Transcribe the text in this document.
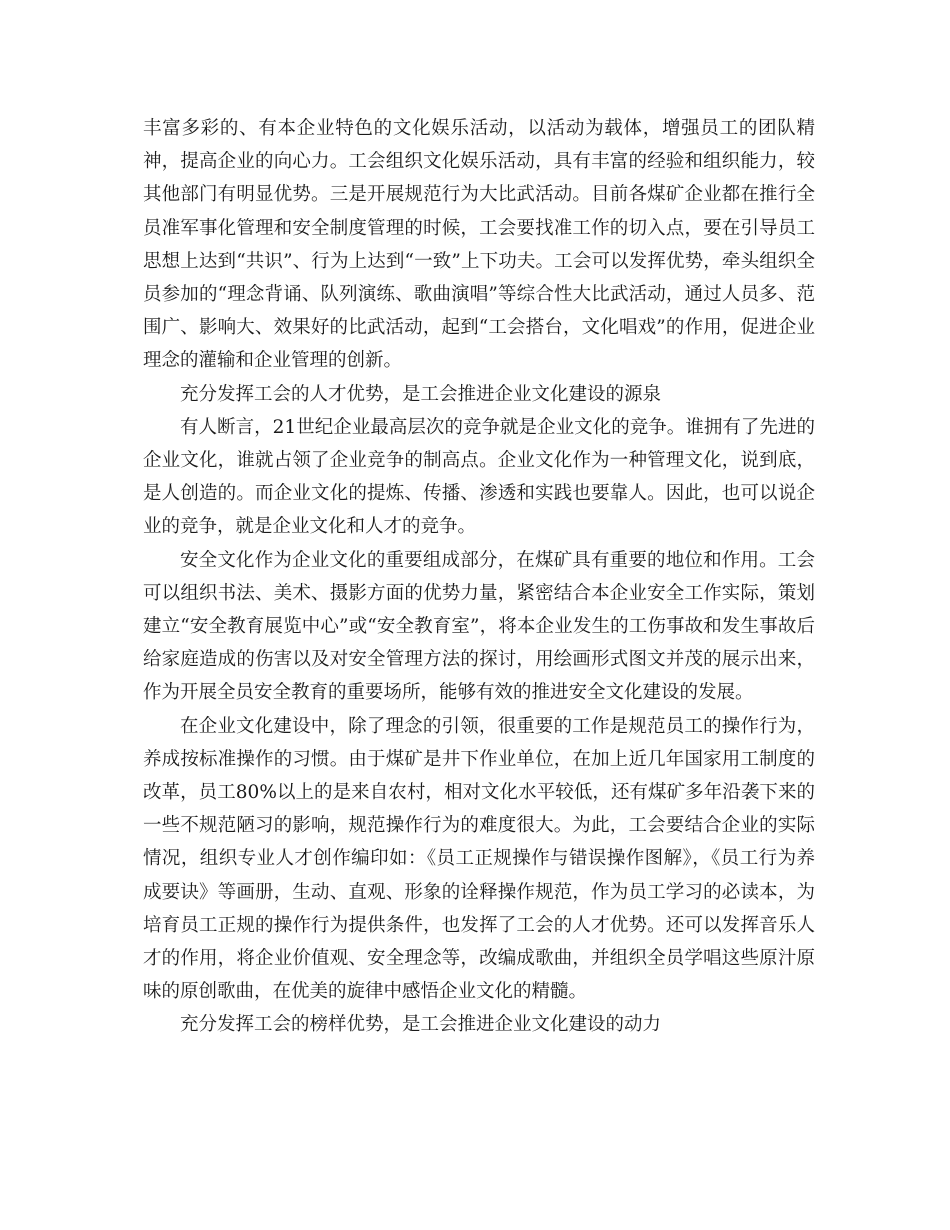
丰富多彩的、有本企业特色的文化娱乐活动，以活动为载体，增强员工的团队精神，提高企业的向心力。工会组织文化娱乐活动，具有丰富的经验和组织能力，较其他部门有明显优势。三是开展规范行为大比武活动。目前各煤矿企业都在推行全员准军事化管理和安全制度管理的时候，工会要找准工作的切入点，要在引导员工思想上达到“共识”、行为上达到“一致”上下功夫。工会可以发挥优势，牵头组织全员参加的“理念背诵、队列演练、歌曲演唱”等综合性大比武活动，通过人员多、范围广、影响大、效果好的比武活动，起到“工会搭台，文化唱戏”的作用，促进企业理念的灌输和企业管理的创新。

充分发挥工会的人才优势，是工会推进企业文化建设的源泉

有人断言，21世纪企业最高层次的竞争就是企业文化的竞争。谁拥有了先进的企业文化，谁就占领了企业竞争的制高点。企业文化作为一种管理文化，说到底，是人创造的。而企业文化的提炼、传播、渗透和实践也要靠人。因此，也可以说企业的竞争，就是企业文化和人才的竞争。

安全文化作为企业文化的重要组成部分，在煤矿具有重要的地位和作用。工会可以组织书法、美术、摄影方面的优势力量，紧密结合本企业安全工作实际，策划建立“安全教育展览中心”或“安全教育室”，将本企业发生的工伤事故和发生事故后给家庭造成的伤害以及对安全管理方法的探讨，用绘画形式图文并茂的展示出来，作为开展全员安全教育的重要场所，能够有效的推进安全文化建设的发展。

在企业文化建设中，除了理念的引领，很重要的工作是规范员工的操作行为，养成按标准操作的习惯。由于煤矿是井下作业单位，在加上近几年国家用工制度的改革，员工80%以上的是来自农村，相对文化水平较低，还有煤矿多年沿袭下来的一些不规范陋习的影响，规范操作行为的难度很大。为此，工会要结合企业的实际情况，组织专业人才创作编印如：《员工正规操作与错误操作图解》，《员工行为养成要诀》等画册，生动、直观、形象的诠释操作规范，作为员工学习的必读本，为培育员工正规的操作行为提供条件，也发挥了工会的人才优势。还可以发挥音乐人才的作用，将企业价值观、安全理念等，改编成歌曲，并组织全员学唱这些原汁原味的原创歌曲，在优美的旋律中感悟企业文化的精髓。

充分发挥工会的榜样优势，是工会推进企业文化建设的动力
